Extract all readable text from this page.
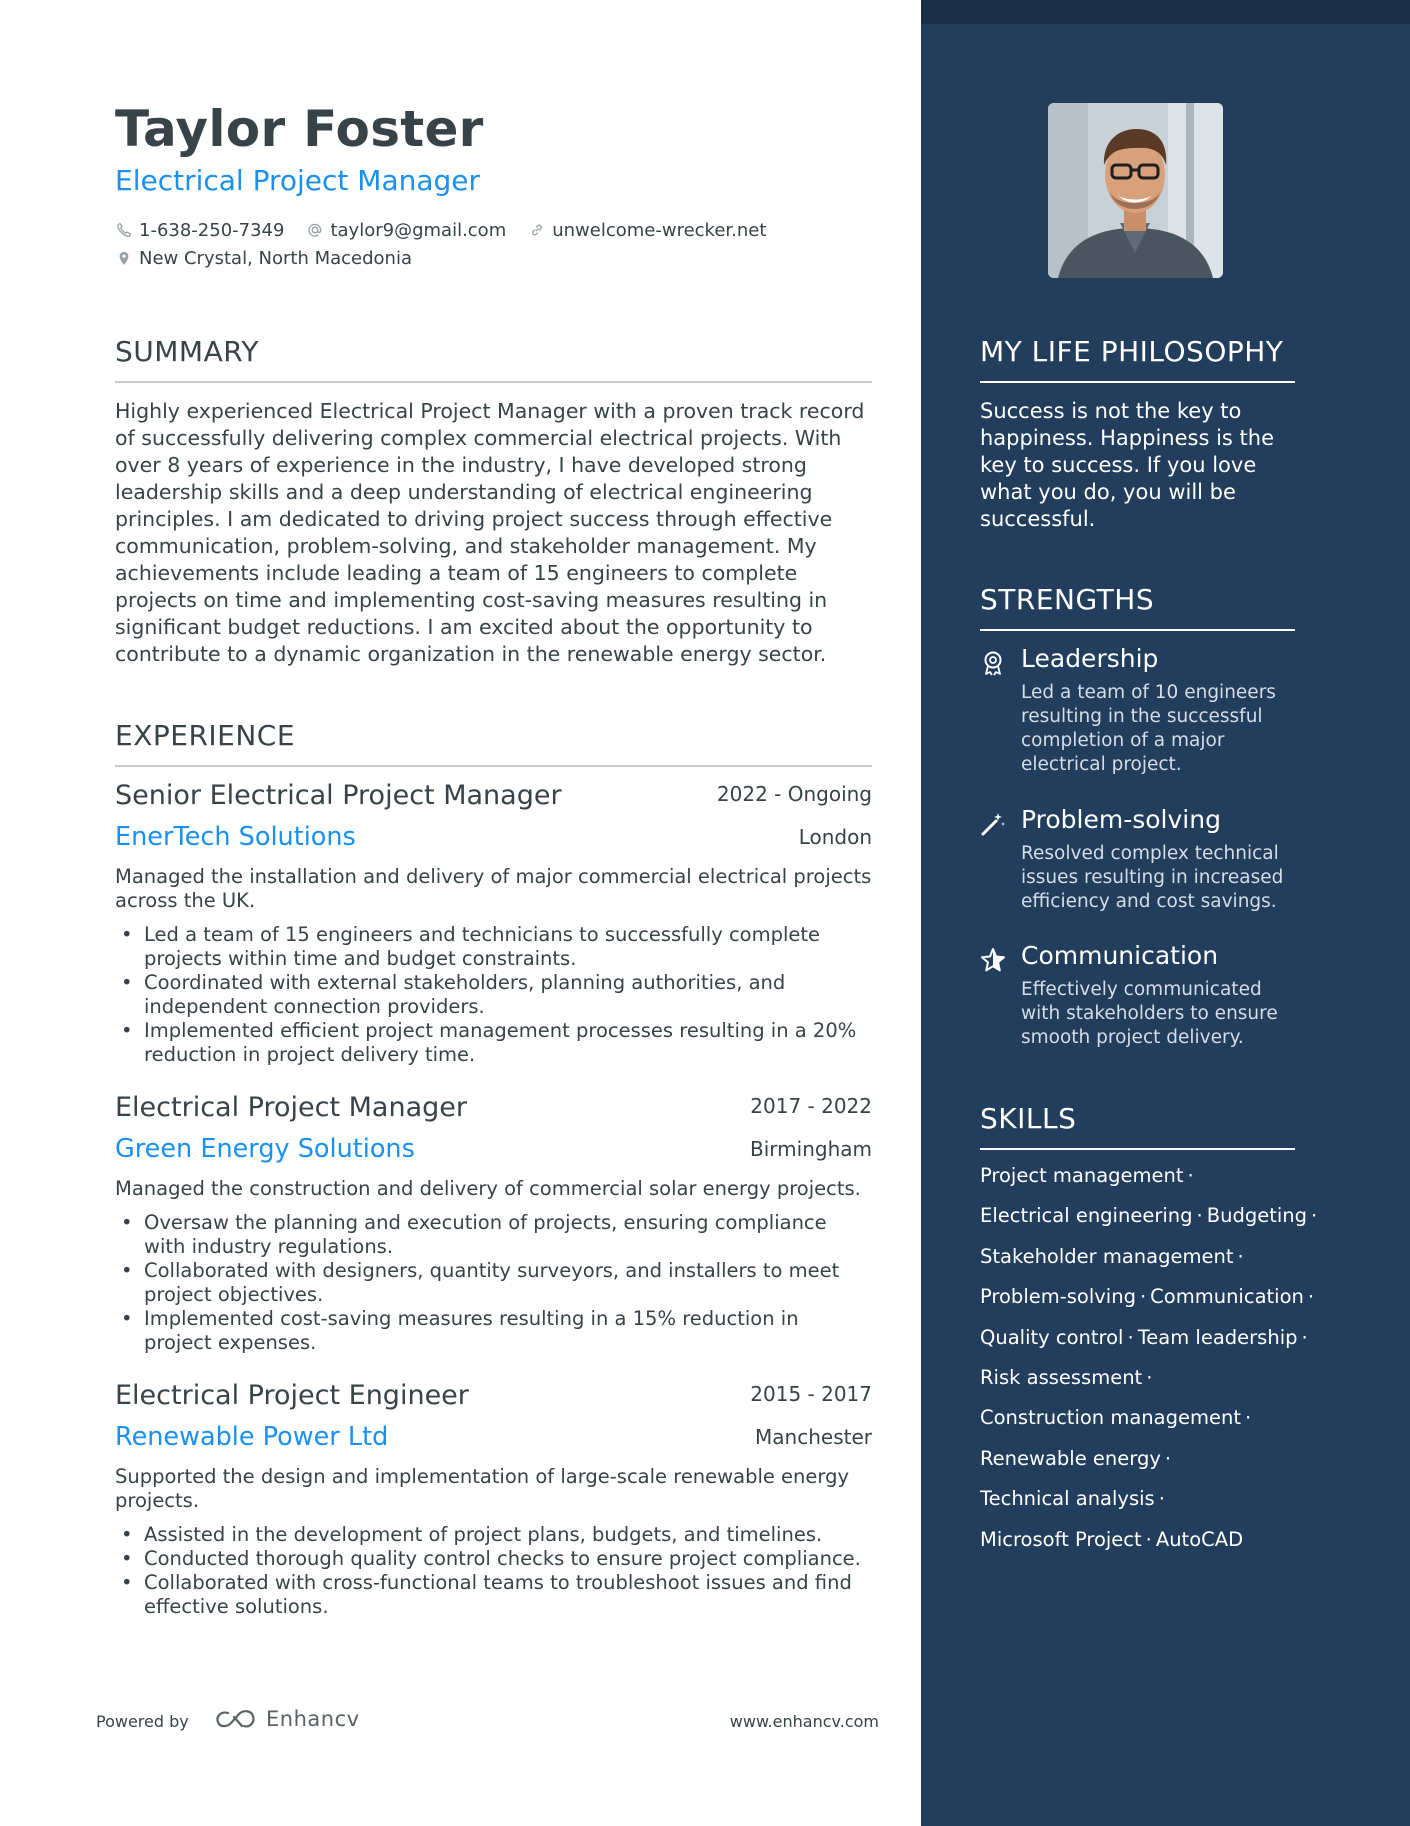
Taylor Foster
Electrical Project Manager
1-638-250-7349	taylor9@gmail.com	unwelcome-wrecker.net
New Crystal, North Macedonia
SUMMARY
Highly experienced Electrical Project Manager with a proven track record of successfully delivering complex commercial electrical projects. With over 8 years of experience in the industry, I have developed strong leadership skills and a deep understanding of electrical engineering principles. I am dedicated to driving project success through effective communication, problem-solving, and stakeholder management. My achievements include leading a team of 15 engineers to complete projects on time and implementing cost-saving measures resulting in significant budget reductions. I am excited about the opportunity to contribute to a dynamic organization in the renewable energy sector.
EXPERIENCE
Senior Electrical Project Manager	2022 - Ongoing
EnerTech Solutions	London
Managed the installation and delivery of major commercial electrical projects across the UK.
• Led a team of 15 engineers and technicians to successfully complete projects within time and budget constraints.
• Coordinated with external stakeholders, planning authorities, and independent connection providers.
• Implemented efficient project management processes resulting in a 20% reduction in project delivery time.
Electrical Project Manager	2017 - 2022
Green Energy Solutions	Birmingham
Managed the construction and delivery of commercial solar energy projects.
• Oversaw the planning and execution of projects, ensuring compliance with industry regulations.
• Collaborated with designers, quantity surveyors, and installers to meet project objectives.
• Implemented cost-saving measures resulting in a 15% reduction in project expenses.
Electrical Project Engineer	2015 - 2017
Renewable Power Ltd	Manchester
Supported the design and implementation of large-scale renewable energy projects.
• Assisted in the development of project plans, budgets, and timelines.
• Conducted thorough quality control checks to ensure project compliance.
• Collaborated with cross-functional teams to troubleshoot issues and find effective solutions.
MY LIFE PHILOSOPHY
Success is not the key to happiness. Happiness is the key to success. If you love what you do, you will be successful.
STRENGTHS
Leadership
Led a team of 10 engineers resulting in the successful completion of a major electrical project.
Problem-solving
Resolved complex technical issues resulting in increased efficiency and cost savings.
Communication
Effectively communicated with stakeholders to ensure smooth project delivery.
SKILLS
Project management ·
Electrical engineering · Budgeting ·
Stakeholder management ·
Problem-solving · Communication ·
Quality control · Team leadership ·
Risk assessment ·
Construction management ·
Renewable energy ·
Technical analysis ·
Microsoft Project · AutoCAD
Powered by	Enhancv	www.enhancv.com
